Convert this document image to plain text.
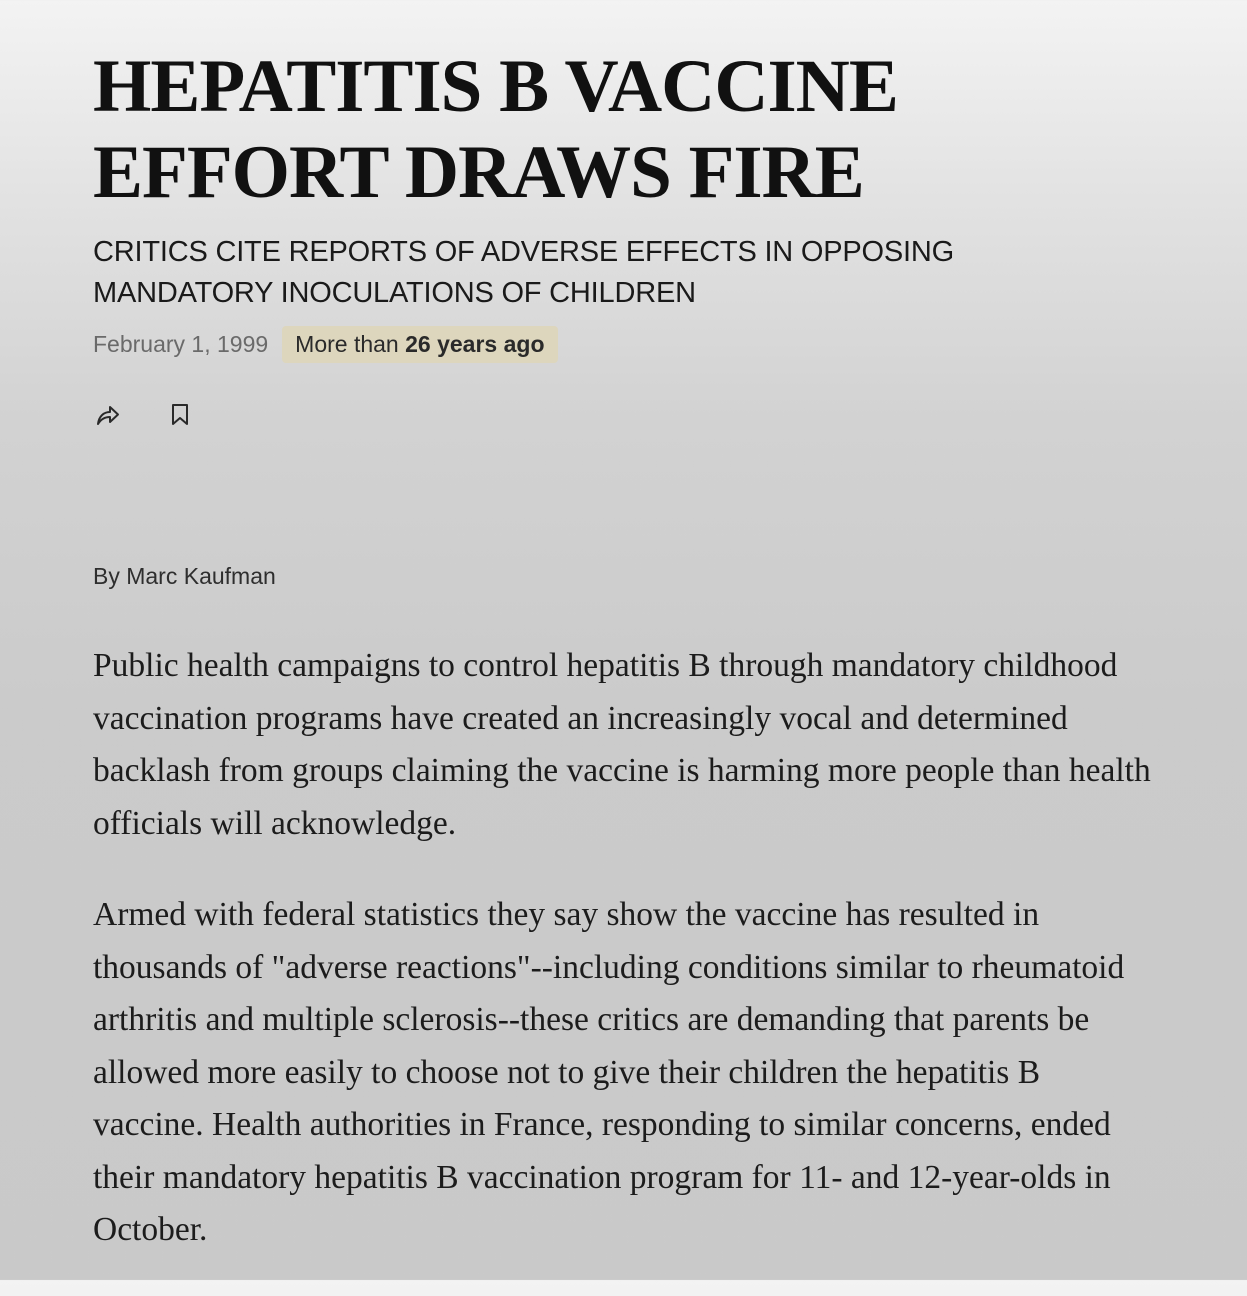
HEPATITIS B VACCINE EFFORT DRAWS FIRE
CRITICS CITE REPORTS OF ADVERSE EFFECTS IN OPPOSING MANDATORY INOCULATIONS OF CHILDREN
February 1, 1999	More than 26 years ago
By Marc Kaufman

Public health campaigns to control hepatitis B through mandatory childhood vaccination programs have created an increasingly vocal and determined backlash from groups claiming the vaccine is harming more people than health officials will acknowledge.

Armed with federal statistics they say show the vaccine has resulted in thousands of "adverse reactions"--including conditions similar to rheumatoid arthritis and multiple sclerosis--these critics are demanding that parents be allowed more easily to choose not to give their children the hepatitis B vaccine. Health authorities in France, responding to similar concerns, ended their mandatory hepatitis B vaccination program for 11- and 12-year-olds in October.
